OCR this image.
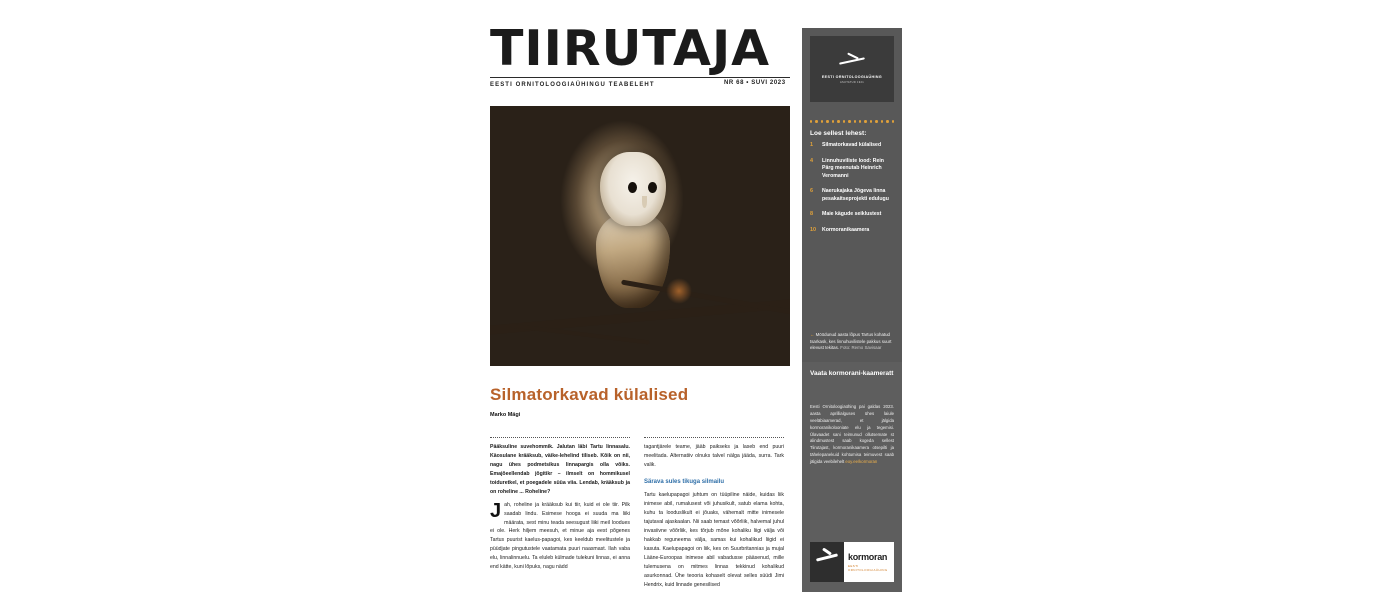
TIIRUTAJA
EESTI ORNITOLOOGIAÜHINGU TEABELEHT	NR 68 • SUVI 2023
Silmatorkavad külalised
Marko Mägi
Pääksuline suvehommik. Jalutan läbi Tartu linnasalu. Käosulane krääksub, väike-lehelind tiliseb. Kõik on nii, nagu ühes podmetsikus linnapargis olla võiks. Emajõeellendab jõgitikr – ilmselt on hommikusel toiduretkel, et poegadele süüa viia. Lendab, krääksub ja on roheline ... Roheline?
J ah, roheline ja krääksub kui tiir, kuid ei ole tiir. Pilk saadab lindu. Esimese hooga ei suuda ma liiki määrata, sest minu teada seesugust liiki meil loodues ei ole. Herk hiljem meesuh, et minue aja eest põgenes Tartus puurist kaelus-papagoi, kes keeldub meelitustele ja püüdjate pingutustele vaatamata puuri naasmast. Ilah vaba elu, linnalinnuelu. Ta eluleb külmade tulekuni linnas, ei anna end kätte, kuni lõpuks, nagu nädd
tagantjärele teame, jääb paikseks ja laseb end puuri meelitada. Alternatiiv olnuks talvel nälga jääda, surra. Tark valik.
Särava sules tikuga silmailu
Tartu kaelupapagoi juhtum on tüüpiline näide, kuidas liik inimese abil, rumalusest või juhusikult, satub elama kohta, kuhu ta looduslikult ei jõuaks, vähemalt mitte inimesele tajutaval ajaskaalan. Nii saab temast võõrliik, halvemal juhul invasiivne võõrliik, kes tõrjub mõne kohaliku liigi välja või hakkab reguneema välja, samas kui kohalikud liigid ei kasuta. Kaelupapagoi on liik, kes on Suurbritannias ja mujal Lääne-Euroopas inimese abil vabadusse pääsenud, mille tulemusena on mitmes linnas tekkinud kohalikud asurkonnad. Ühe teooria kohaselt olevat selles süüdi Jimi Hendrix, kuid linnade genesilised
EESTI ORNITOLOOGIAÜHING
ASUTATUD 1921
Loe sellest lehest:
1	Silmatorkavad külalised
4	Linnuhuviliste lood: Rein Pärg meenutab Heinrich Veromanni
6	Naerukajaka Jõgeva linna pesakaitseprojekti edulugu
8	Maie kägude seiklustest
10	Kormoranikaamera
← Möödunud aasta lõpus Tartus kohatud tsarkask, kes linnuhuvilistele pakkus suurt elevust tekitas. Foto: Remo Savisaar
Vaata kormorani-kaameratt
Eesti Ornitoloogiaühing pai galdas 2023. aasta aprillialguses ühes laiule veeläbiaamerad, et jälgida kormoranikolooniate elu ja tegemisi. Ülavaadet sani teimunud ollutsemate st alindmustest saab kogeda sellest Tiirutajast, kormoranikaamera otsepilti ja tähelepanekuid kohtumisa teimuvest saab jälgida veebilehelt eoy.ee/kormoran
kormoran
EESTI ORNITOLOOGIAÜHING
